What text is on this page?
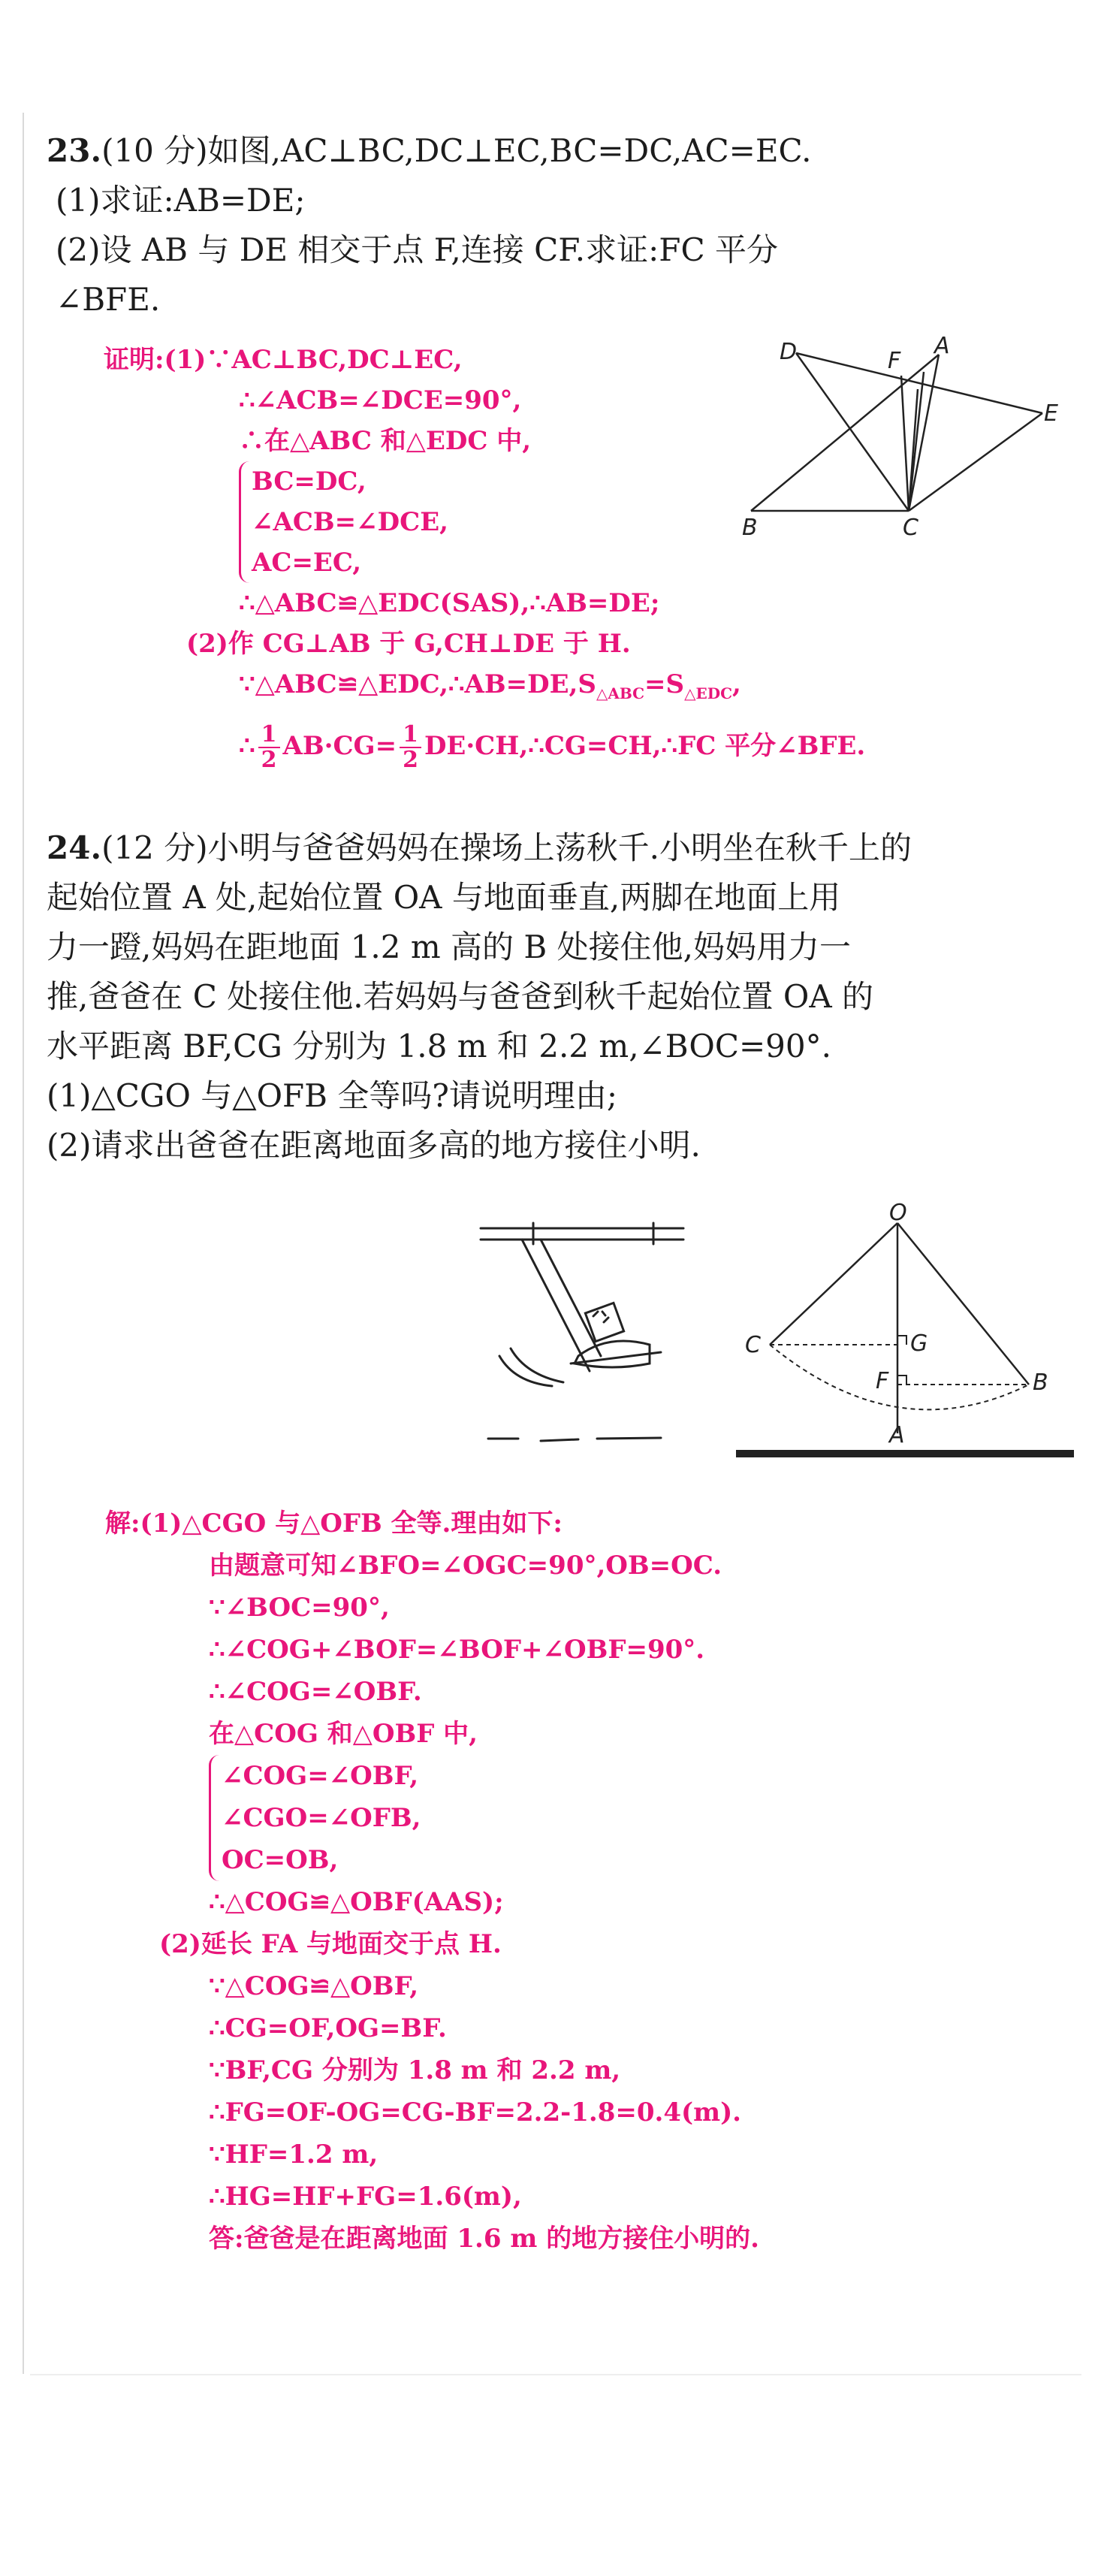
23.(10 分)如图,AC⊥BC,DC⊥EC,BC=DC,AC=EC.
(1)求证:AB=DE;
(2)设 AB 与 DE 相交于点 F,连接 CF.求证:FC 平分
∠BFE.
证明:(1)∵AC⊥BC,DC⊥EC,
∴∠ACB=∠DCE=90°,
∴在△ABC 和△EDC 中,
BC=DC,
∠ACB=∠DCE,
AC=EC,
∴△ABC≌△EDC(SAS),∴AB=DE;
(2)作 CG⊥AB 于 G,CH⊥DE 于 H.
$\because\triangle ABC≌\triangle EDC,\therefore AB=DE,S_{\triangle ABC}=S_{\triangle EDC}$,
∴ $\frac{1}{2} AB\cdot CG= \frac{1}{2}$ DE·CH,∴CG=CH,∴FC 平分∠BFE.
D	F
A
E
B	C
24.(12 分)小明与爸爸妈妈在操场上荡秋千.小明坐在秋千上的
起始位置 A 处,起始位置 OA 与地面垂直,两脚在地面上用
力一蹬,妈妈在距地面 1.2 m 高的 B 处接住他,妈妈用力一
推,爸爸在 C 处接住他.若妈妈与爸爸到秋千起始位置 OA 的
水平距离 BF,CG 分别为 1.8 m 和 2.2 m,∠BOC=90°.
(1)△CGO 与△OFB 全等吗?请说明理由;
(2)请求出爸爸在距离地面多高的地方接住小明.
O
C	G
F	B
A
解:(1)△CGO 与△OFB 全等.理由如下:
由题意可知∠BFO=∠OGC=90°,OB=OC.
∵∠BOC=90°,
∴∠COG+∠BOF=∠BOF+∠OBF=90°.
∴∠COG=∠OBF.
在△COG 和△OBF 中,
∠COG=∠OBF,
∠CGO=∠OFB,
OC=OB,
∴△COG≌△OBF(AAS);
(2)延长 FA 与地面交于点 H.
∵△COG≌△OBF,
∴CG=OF,OG=BF.
∵BF,CG 分别为 1.8 m 和 2.2 m,
∴FG=OF-OG=CG-BF=2.2-1.8=0.4(m).
∵HF=1.2 m,
∴HG=HF+FG=1.6(m),
答:爸爸是在距离地面 1.6 m 的地方接住小明的.
